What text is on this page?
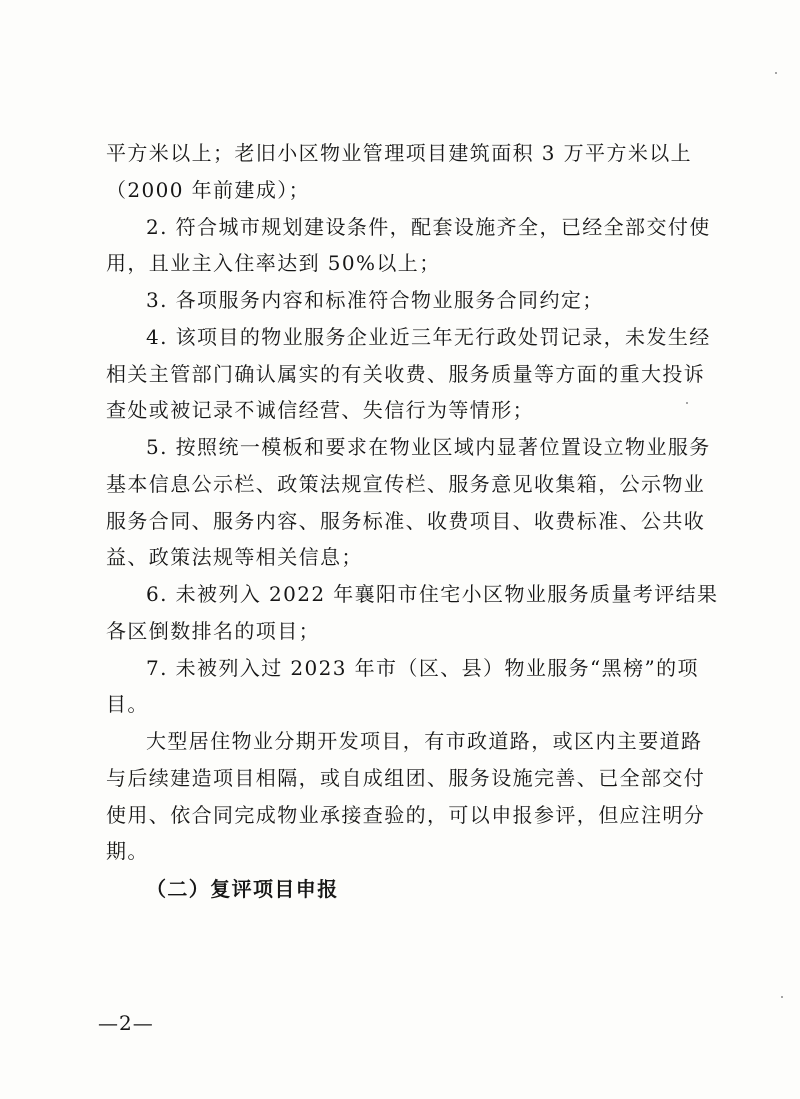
平方米以上；老旧小区物业管理项目建筑面积 3 万平方米以上
（2000 年前建成）；
2. 符合城市规划建设条件，配套设施齐全，已经全部交付使
用，且业主入住率达到 50%以上；
3. 各项服务内容和标准符合物业服务合同约定；
4. 该项目的物业服务企业近三年无行政处罚记录，未发生经
相关主管部门确认属实的有关收费、服务质量等方面的重大投诉
查处或被记录不诚信经营、失信行为等情形；
5. 按照统一模板和要求在物业区域内显著位置设立物业服务
基本信息公示栏、政策法规宣传栏、服务意见收集箱，公示物业
服务合同、服务内容、服务标准、收费项目、收费标准、公共收
益、政策法规等相关信息；
6. 未被列入 2022 年襄阳市住宅小区物业服务质量考评结果
各区倒数排名的项目；
7. 未被列入过 2023 年市（区、县）物业服务“黑榜”的项
目。
大型居住物业分期开发项目，有市政道路，或区内主要道路
与后续建造项目相隔，或自成组团、服务设施完善、已全部交付
使用、依合同完成物业承接查验的，可以申报参评，但应注明分
期。
（二）复评项目申报
—2—
